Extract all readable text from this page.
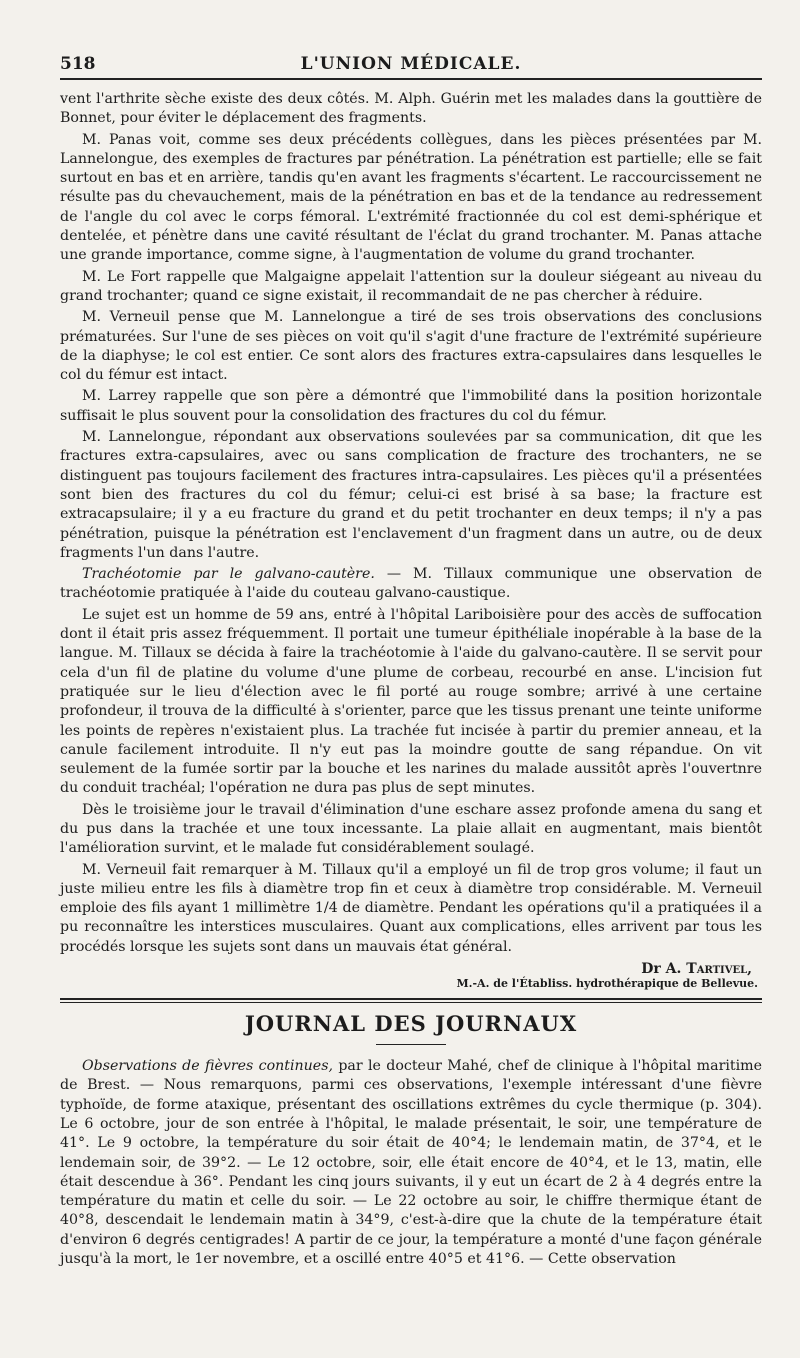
518	L'UNION MÉDICALE.

vent l'arthrite sèche existe des deux côtés. M. Alph. Guérin met les malades dans la gouttière de Bonnet, pour éviter le déplacement des fragments.

M. Panas voit, comme ses deux précédents collègues, dans les pièces présentées par M. Lannelongue, des exemples de fractures par pénétration. La pénétration est partielle; elle se fait surtout en bas et en arrière, tandis qu'en avant les fragments s'écartent. Le raccourcissement ne résulte pas du chevauchement, mais de la pénétration en bas et de la tendance au redressement de l'angle du col avec le corps fémoral. L'extrémité fractionnée du col est demi-sphérique et dentelée, et pénètre dans une cavité résultant de l'éclat du grand trochanter. M. Panas attache une grande importance, comme signe, à l'augmentation de volume du grand trochanter.

M. Le Fort rappelle que Malgaigne appelait l'attention sur la douleur siégeant au niveau du grand trochanter; quand ce signe existait, il recommandait de ne pas chercher à réduire.

M. Verneuil pense que M. Lannelongue a tiré de ses trois observations des conclusions prématurées. Sur l'une de ses pièces on voit qu'il s'agit d'une fracture de l'extrémité supérieure de la diaphyse; le col est entier. Ce sont alors des fractures extra-capsulaires dans lesquelles le col du fémur est intact.

M. Larrey rappelle que son père a démontré que l'immobilité dans la position horizontale suffisait le plus souvent pour la consolidation des fractures du col du fémur.

M. Lannelongue, répondant aux observations soulevées par sa communication, dit que les fractures extra-capsulaires, avec ou sans complication de fracture des trochanters, ne se distinguent pas toujours facilement des fractures intra-capsulaires. Les pièces qu'il a présentées sont bien des fractures du col du fémur; celui-ci est brisé à sa base; la fracture est extracapsulaire; il y a eu fracture du grand et du petit trochanter en deux temps; il n'y a pas pénétration, puisque la pénétration est l'enclavement d'un fragment dans un autre, ou de deux fragments l'un dans l'autre.

Trachéotomie par le galvano-cautère. — M. Tillaux communique une observation de trachéotomie pratiquée à l'aide du couteau galvano-caustique.

Le sujet est un homme de 59 ans, entré à l'hôpital Lariboisière pour des accès de suffocation dont il était pris assez fréquemment. Il portait une tumeur épithéliale inopérable à la base de la langue. M. Tillaux se décida à faire la trachéotomie à l'aide du galvano-cautère. Il se servit pour cela d'un fil de platine du volume d'une plume de corbeau, recourbé en anse. L'incision fut pratiquée sur le lieu d'élection avec le fil porté au rouge sombre; arrivé à une certaine profondeur, il trouva de la difficulté à s'orienter, parce que les tissus prenant une teinte uniforme les points de repères n'existaient plus. La trachée fut incisée à partir du premier anneau, et la canule facilement introduite. Il n'y eut pas la moindre goutte de sang répandue. On vit seulement de la fumée sortir par la bouche et les narines du malade aussitôt après l'ouvertnre du conduit trachéal; l'opération ne dura pas plus de sept minutes.

Dès le troisième jour le travail d'élimination d'une eschare assez profonde amena du sang et du pus dans la trachée et une toux incessante. La plaie allait en augmentant, mais bientôt l'amélioration survint, et le malade fut considérablement soulagé.

M. Verneuil fait remarquer à M. Tillaux qu'il a employé un fil de trop gros volume; il faut un juste milieu entre les fils à diamètre trop fin et ceux à diamètre trop considérable. M. Verneuil emploie des fils ayant 1 millimètre 1/4 de diamètre. Pendant les opérations qu'il a pratiquées il a pu reconnaître les interstices musculaires. Quant aux complications, elles arrivent par tous les procédés lorsque les sujets sont dans un mauvais état général.

Dr A. Tartivel,
M.-A. de l'Établiss. hydrothérapique de Bellevue.
JOURNAL DES JOURNAUX

Observations de fièvres continues, par le docteur Mahé, chef de clinique à l'hôpital maritime de Brest. — Nous remarquons, parmi ces observations, l'exemple intéressant d'une fièvre typhoïde, de forme ataxique, présentant des oscillations extrêmes du cycle thermique (p. 304). Le 6 octobre, jour de son entrée à l'hôpital, le malade présentait, le soir, une température de 41°. Le 9 octobre, la température du soir était de 40°4; le lendemain matin, de 37°4, et le lendemain soir, de 39°2. — Le 12 octobre, soir, elle était encore de 40°4, et le 13, matin, elle était descendue à 36°. Pendant les cinq jours suivants, il y eut un écart de 2 à 4 degrés entre la température du matin et celle du soir. — Le 22 octobre au soir, le chiffre thermique étant de 40°8, descendait le lendemain matin à 34°9, c'est-à-dire que la chute de la température était d'environ 6 degrés centigrades! A partir de ce jour, la température a monté d'une façon générale jusqu'à la mort, le 1er novembre, et a oscillé entre 40°5 et 41°6. — Cette observation
